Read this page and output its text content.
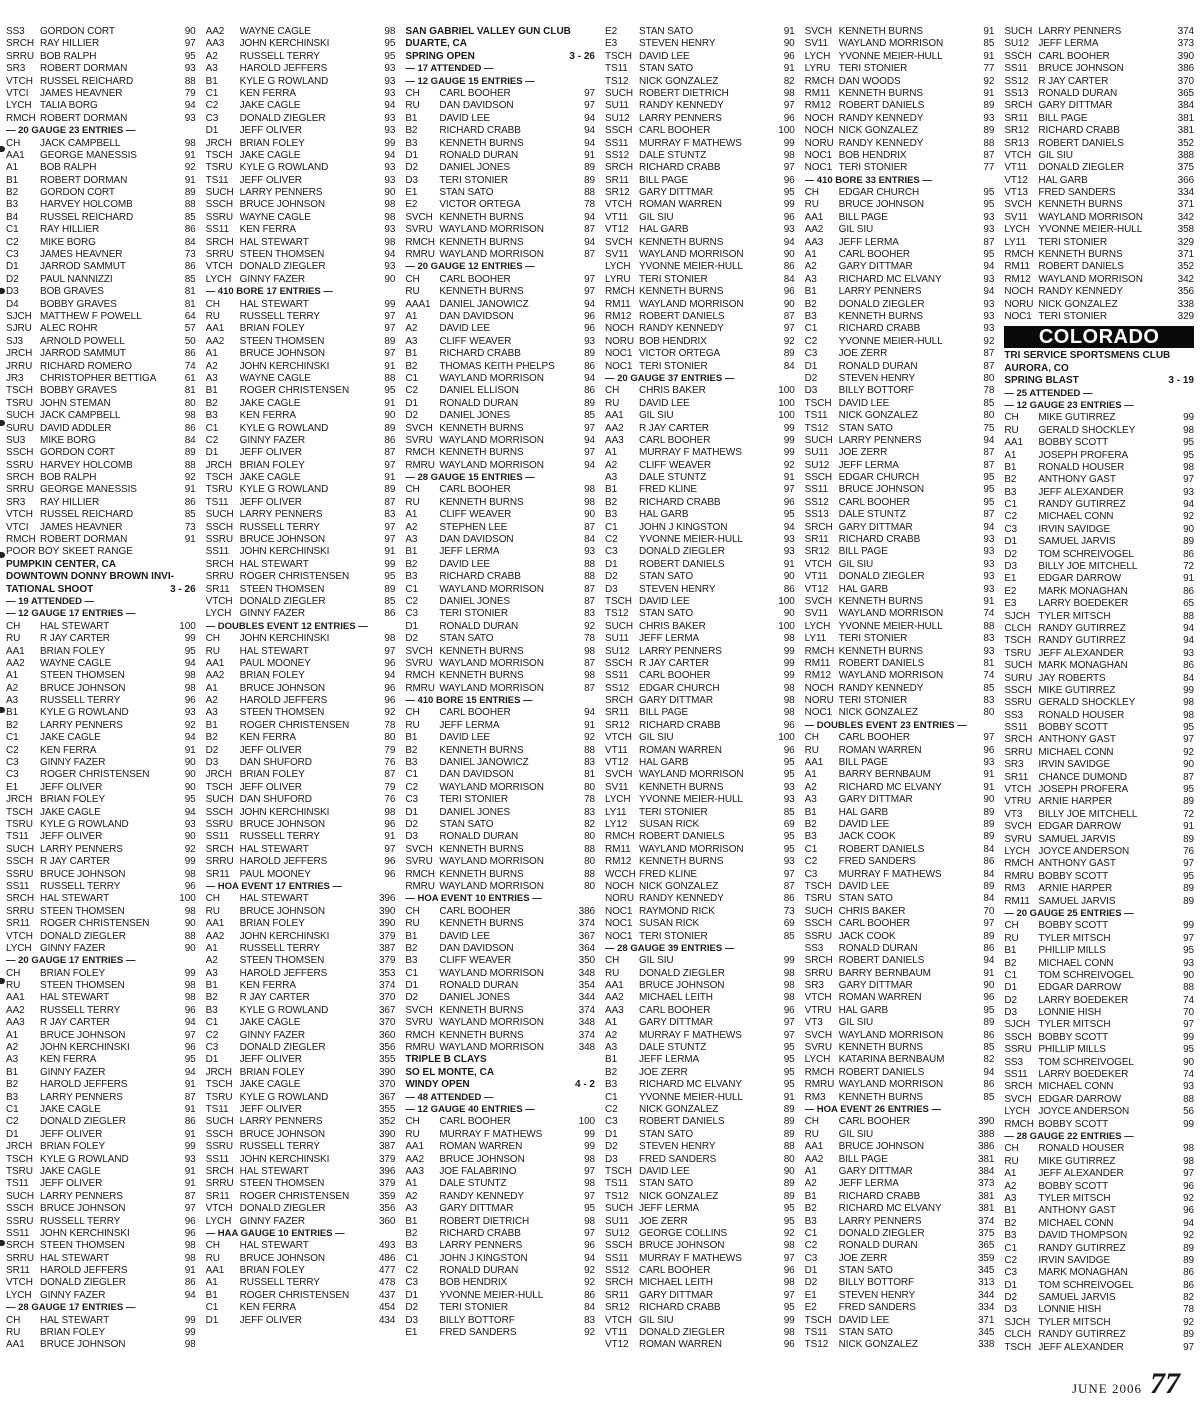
SS3	GORDON CORT	90
SRCH RAY HILLIER	97
SRRU BOB RALPH	95
SR3	ROBERT DORMAN	93
VTCH RUSSEL REICHARD	88
VTCI	JAMES HEAVNER	79
LYCH TALIA BORG	94
RMCH ROBERT DORMAN	93
— 20 GAUGE 23 ENTRIES —
CH	JACK CAMPBELL	98
AA1	GEORGE MANESSIS	91
A1	BOB RALPH	92
B1	ROBERT DORMAN	91
B2	GORDON CORT	89
B3	HARVEY HOLCOMB	88
B4	RUSSEL REICHARD	85
C1	RAY HILLIER	86
C2	MIKE BORG	84
C3	JAMES HEAVNER	73
D1	JARROD SAMMUT	86
D2	PAUL NANNIZZI	85
D3	BOB GRAVES	81
D4	BOBBY GRAVES	81
SJCH MATTHEW F POWELL	64
SJRU ALEC ROHR	57
SJ3	ARNOLD POWELL	50
JRCH JARROD SAMMUT	86
JRRU RICHARD ROMERO	74
JR3	CHRISTOPHER BETTIGA	61
TSCH BOBBY GRAVES	81
TSRU JOHN STEMAN	80
SUCH JACK CAMPBELL	98
SURU DAVID ADDLER	86
SU3	MIKE BORG	84
SSCH GORDON CORT	89
SSRU HARVEY HOLCOMB	88
SRCH BOB RALPH	92
SRRU GEORGE MANESSIS	91
SR3	RAY HILLIER	86
VTCH RUSSEL REICHARD	85
VTCI	JAMES HEAVNER	73
RMCH ROBERT DORMAN	91
POOR BOY SKEET RANGE
PUMPKIN CENTER, CA
DOWNTOWN DONNY BROWN INVI-
TATIONAL SHOOT	3 - 26
— 19 ATTENDED —
— 12 GAUGE 17 ENTRIES —
CH	HAL STEWART	100
RU	R JAY CARTER	99
AA1	BRIAN FOLEY	95
AA2	WAYNE CAGLE	94
A1	STEEN THOMSEN	98
A2	BRUCE JOHNSON	98
A3	RUSSELL TERRY	96
B1	KYLE G ROWLAND	93
B2	LARRY PENNERS	92
C1	JAKE CAGLE	94
C2	KEN FERRA	91
C3	GINNY FAZER	90
C3	ROGER CHRISTENSEN	90
E1	JEFF OLIVER	90
JRCH BRIAN FOLEY	95
TSCH JAKE CAGLE	94
TSRU KYLE G ROWLAND	93
TS11	JEFF OLIVER	90
SUCH LARRY PENNERS	92
SSCH R JAY CARTER	99
SSRU BRUCE JOHNSON	98
SS11	RUSSELL TERRY	96
SRCH HAL STEWART	100
SRRU STEEN THOMSEN	98
SR11	ROGER CHRISTENSEN	90
VTCH DONALD ZIEGLER	88
LYCH GINNY FAZER	90
— 20 GAUGE 17 ENTRIES —
CH	BRIAN FOLEY	99
RU	STEEN THOMSEN	98
AA1	HAL STEWART	98
AA2	RUSSELL TERRY	96
AA3	R JAY CARTER	94
A1	BRUCE JOHNSON	97
A2	JOHN KERCHINSKI	96
A3	KEN FERRA	95
B1	GINNY FAZER	94
B2	HAROLD JEFFERS	91
B3	LARRY PENNERS	87
C1	JAKE CAGLE	91
C2	DONALD ZIEGLER	86
D1	JEFF OLIVER	91
JRCH BRIAN FOLEY	99
TSCH KYLE G ROWLAND	93
TSRU JAKE CAGLE	91
TS11	JEFF OLIVER	91
SUCH LARRY PENNERS	87
SSCH BRUCE JOHNSON	97
SSRU RUSSELL TERRY	96
SS11	JOHN KERCHINSKI	96
SRCH STEEN THOMSEN	98
SRRU HAL STEWART	98
SR11	HAROLD JEFFERS	91
VTCH DONALD ZIEGLER	86
LYCH GINNY FAZER	94
— 28 GAUGE 17 ENTRIES —
CH	HAL STEWART	99
RU	BRIAN FOLEY	99
AA1	BRUCE JOHNSON	98
AA2	WAYNE CAGLE	98
AA3	JOHN KERCHINSKI	95
A2	RUSSELL TERRY	95
A3	HAROLD JEFFERS	93
B1	KYLE G ROWLAND	93
C1	KEN FERRA	93
C2	JAKE CAGLE	94
C3	DONALD ZIEGLER	93
D1	JEFF OLIVER	93
JRCH BRIAN FOLEY	99
TSCH JAKE CAGLE	94
TSRU KYLE G ROWLAND	93
TS11	JEFF OLIVER	93
SUCH LARRY PENNERS	90
SSCH BRUCE JOHNSON	98
SSRU WAYNE CAGLE	98
SS11	KEN FERRA	93
SRCH HAL STEWART	98
SRRU STEEN THOMSEN	94
VTCH DONALD ZIEGLER	93
LYCH GINNY FAZER	90
— 410 BORE 17 ENTRIES —
CH	HAL STEWART	99
RU	RUSSELL TERRY	97
AA1	BRIAN FOLEY	97
AA2	STEEN THOMSEN	89
A1	BRUCE JOHNSON	97
A2	JOHN KERCHINSKI	91
A3	WAYNE CAGLE	88
B1	ROGER CHRISTENSEN	95
B2	JAKE CAGLE	91
B3	KEN FERRA	90
C1	KYLE G ROWLAND	89
C2	GINNY FAZER	86
D1	JEFF OLIVER	87
JRCH BRIAN FOLEY	97
TSCH JAKE CAGLE	91
TSRU KYLE G ROWLAND	89
TS11	JEFF OLIVER	87
SUCH LARRY PENNERS	83
SSCH RUSSELL TERRY	97
SSRU BRUCE JOHNSON	97
SS11	JOHN KERCHINSKI	91
SRCH HAL STEWART	99
SRRU ROGER CHRISTENSEN	95
SR11	STEEN THOMSEN	89
VTCH DONALD ZIEGLER	85
LYCH GINNY FAZER	86
— DOUBLES EVENT 12 ENTRIES —
CH	JOHN KERCHINSKI	98
RU	HAL STEWART	97
AA1	PAUL MOONEY	96
AA2	BRIAN FOLEY	94
A1	BRUCE JOHNSON	96
A2	HAROLD JEFFERS	96
A3	STEEN THOMSEN	92
B1	ROGER CHRISTENSEN	78
B2	KEN FERRA	80
D2	JEFF OLIVER	79
D3	DAN SHUFORD	76
JRCH BRIAN FOLEY	87
TSCH JEFF OLIVER	79
SUCH DAN SHUFORD	76
SSCH JOHN KERCHINSKI	98
SSRU BRUCE JOHNSON	96
SS11	RUSSELL TERRY	91
SRCH HAL STEWART	97
SRRU HAROLD JEFFERS	96
SR11	PAUL MOONEY	96
— HOA EVENT 17 ENTRIES —
CH	HAL STEWART	396
RU	BRUCE JOHNSON	390
AA1	BRIAN FOLEY	390
AA2	JOHN KERCHINSKI	379
A1	RUSSELL TERRY	387
A2	STEEN THOMSEN	379
A3	HAROLD JEFFERS	353
B1	KEN FERRA	374
B2	R JAY CARTER	370
B3	KYLE G ROWLAND	367
C1	JAKE CAGLE	370
C2	GINNY FAZER	360
C3	DONALD ZIEGLER	356
D1	JEFF OLIVER	355
JRCH BRIAN FOLEY	390
TSCH JAKE CAGLE	370
TSRU KYLE G ROWLAND	367
TS11	JEFF OLIVER	355
SUCH LARRY PENNERS	352
SSCH BRUCE JOHNSON	390
SSRU RUSSELL TERRY	387
SS11	JOHN KERCHINSKI	379
SRCH HAL STEWART	396
SRRU STEEN THOMSEN	379
SR11	ROGER CHRISTENSEN	359
VTCH DONALD ZIEGLER	356
LYCH GINNY FAZER	360
— HAA GAUGE 10 ENTRIES —
CH	HAL STEWART	493
RU	BRUCE JOHNSON	486
AA1	BRIAN FOLEY	477
A1	RUSSELL TERRY	478
B1	ROGER CHRISTENSEN	437
C1	KEN FERRA	454
D1	JEFF OLIVER	434
SAN GABRIEL VALLEY GUN CLUB
DUARTE, CA
SPRING OPEN	3 - 26
— 17 ATTENDED —
— 12 GAUGE 15 ENTRIES —
CH	CARL BOOHER	97
RU	DAN DAVIDSON	97
B1	DAVID LEE	94
B2	RICHARD CRABB	94
B3	KENNETH BURNS	94
D1	RONALD DURAN	91
D2	DANIEL JONES	89
D3	TERI STONIER	89
E1	STAN SATO	88
E2	VICTOR ORTEGA	78
SVCH KENNETH BURNS	94
SVRU WAYLAND MORRISON	87
RMCH KENNETH BURNS	94
RMRU WAYLAND MORRISON	87
— 20 GAUGE 12 ENTRIES —
CH	CARL BOOHER	97
RU	KENNETH BURNS	97
AAA1 DANIEL JANOWICZ	94
A1	DAN DAVIDSON	96
A2	DAVID LEE	96
A3	CLIFF WEAVER	93
B1	RICHARD CRABB	89
B2	THOMAS KEITH PHELPS	86
C1	WAYLAND MORRISON	94
C2	DANIEL ELLISON	86
D1	RONALD DURAN	89
D2	DANIEL JONES	85
SVCH KENNETH BURNS	97
SVRU WAYLAND MORRISON	94
RMCH KENNETH BURNS	97
RMRU WAYLAND MORRISON	94
— 28 GAUGE 15 ENTRIES —
CH	CARL BOOHER	98
RU	KENNETH BURNS	98
A1	CLIFF WEAVER	90
A2	STEPHEN LEE	87
A3	DAN DAVIDSON	84
B1	JEFF LERMA	93
B2	DAVID LEE	88
B3	RICHARD CRABB	88
C1	WAYLAND MORRISON	87
C2	DANIEL JONES	87
C3	TERI STONIER	83
D1	RONALD DURAN	92
D2	STAN SATO	78
SVCH KENNETH BURNS	98
SVRU WAYLAND MORRISON	87
RMCH KENNETH BURNS	98
RMRU WAYLAND MORRISON	87
— 410 BORE 15 ENTRIES —
CH	CARL BOOHER	94
RU	JEFF LERMA	91
B1	DAVID LEE	92
B2	KENNETH BURNS	88
B3	DANIEL JANOWICZ	83
C1	DAN DAVIDSON	81
C2	WAYLAND MORRISON	80
C3	TERI STONIER	78
D1	DANIEL JONES	83
D2	STAN SATO	82
D3	RONALD DURAN	80
SVCH KENNETH BURNS	88
SVRU WAYLAND MORRISON	80
RMCH KENNETH BURNS	88
RMRU WAYLAND MORRISON	80
— HOA EVENT 10 ENTRIES —
CH	CARL BOOHER	386
RU	KENNETH BURNS	374
B1	DAVID LEE	367
B2	DAN DAVIDSON	364
B3	CLIFF WEAVER	350
C1	WAYLAND MORRISON	348
D1	RONALD DURAN	354
D2	DANIEL JONES	344
SVCH KENNETH BURNS	374
SVRU WAYLAND MORRISON	348
RMCH KENNETH BURNS	374
RMRU WAYLAND MORRISON	348
TRIPLE B CLAYS
SO EL MONTE, CA
WINDY OPEN	4 - 2
— 48 ATTENDED —
— 12 GAUGE 40 ENTRIES —
CH	CARL BOOHER	100
RU	MURRAY F MATHEWS	99
AA1	ROMAN WARREN	99
AA2	BRUCE JOHNSON	98
AA3	JOE FALABRINO	97
A1	DALE STUNTZ	98
A2	RANDY KENNEDY	97
A3	GARY DITTMAR	95
B1	ROBERT DIETRICH	98
B2	RICHARD CRABB	97
B3	LARRY PENNERS	96
C1	JOHN J KINGSTON	94
C2	RONALD DURAN	92
C3	BOB HENDRIX	92
D1	YVONNE MEIER-HULL	86
D2	TERI STONIER	84
D3	BILLY BOTTORF	83
E1	FRED SANDERS	92
E2	STAN SATO	91
E3	STEVEN HENRY	90
TSCH DAVID LEE	96
TS11	STAN SATO	91
TS12	NICK GONZALEZ	82
SUCH ROBERT DIETRICH	98
SU11	RANDY KENNEDY	97
SU12 LARRY PENNERS	96
SSCH CARL BOOHER	100
SS11	MURRAY F MATHEWS	99
SS12 DALE STUNTZ	98
SRCH RICHARD CRABB	97
SR11	BILL PAGE	96
SR12 GARY DITTMAR	95
VTCH ROMAN WARREN	99
VT11	GIL SIU	96
VT12	HAL GARB	93
SVCH KENNETH BURNS	94
SV11	WAYLAND MORRISON	90
LYCH YVONNE MEIER-HULL	86
LYRU TERI STONIER	84
RMCH KENNETH BURNS	96
RM11 WAYLAND MORRISON	90
RM12 ROBERT DANIELS	87
NOCH RANDY KENNEDY	97
NORU BOB HENDRIX	92
NOC1 VICTOR ORTEGA	89
NOC1 TERI STONIER	84
— 20 GAUGE 37 ENTRIES —
CH	CHRIS BAKER	100
RU	DAVID LEE	100
AA1	GIL SIU	100
AA2	R JAY CARTER	99
AA3	CARL BOOHER	99
A1	MURRAY F MATHEWS	99
A2	CLIFF WEAVER	92
A3	DALE STUNTZ	91
B1	FRED KLINE	97
B2	RICHARD CRABB	96
B3	HAL GARB	95
C1	JOHN J KINGSTON	94
C2	YVONNE MEIER-HULL	93
C3	DONALD ZIEGLER	93
D1	ROBERT DANIELS	91
D2	STAN SATO	90
D3	STEVEN HENRY	86
TSCH DAVID LEE	100
TS12	STAN SATO	90
SUCH CHRIS BAKER	100
SU11	JEFF LERMA	98
SU12 LARRY PENNERS	99
SSCH R JAY CARTER	99
SS11	CARL BOOHER	99
SS12 EDGAR CHURCH	98
SRCH GARY DITTMAR	98
SR11	BILL PAGE	98
SR12 RICHARD CRABB	96
VTCH GIL SIU	100
VT11	ROMAN WARREN	96
VT12	HAL GARB	95
SVCH WAYLAND MORRISON	95
SV11	KENNETH BURNS	93
LYCH YVONNE MEIER-HULL	93
LY11	TERI STONIER	85
LY12	SUSAN RICK	69
RMCH ROBERT DANIELS	95
RM11 WAYLAND MORRISON	95
RM12 KENNETH BURNS	93
WCCH FRED KLINE	97
NOCH NICK GONZALEZ	87
NORU RANDY KENNEDY	86
NOC1 RAYMOND RICK	73
NOC1 SUSAN RICK	69
NOC1 TERI STONIER	85
— 28 GAUGE 39 ENTRIES —
CH	GIL SIU	99
RU	DONALD ZIEGLER	98
AA1	BRUCE JOHNSON	98
AA2	MICHAEL LEITH	98
AA3	CARL BOOHER	96
A1	GARY DITTMAR	97
A2	MURRAY F MATHEWS	97
A3	DALE STUNTZ	95
B1	JEFF LERMA	95
B2	JOE ZERR	95
B3	RICHARD MC ELVANY	95
C1	YVONNE MEIER-HULL	91
C2	NICK GONZALEZ	89
C3	ROBERT DANIELS	89
D1	STAN SATO	89
D2	STEVEN HENRY	88
D3	FRED SANDERS	80
TSCH DAVID LEE	90
TS11	STAN SATO	89
TS12	NICK GONZALEZ	89
SUCH JEFF LERMA	95
SU11	JOE ZERR	95
SU12 GEORGE COLLINS	92
SSCH BRUCE JOHNSON	98
SS11	MURRAY F MATHEWS	97
SS12 CARL BOOHER	96
SRCH MICHAEL LEITH	98
SR11	GARY DITTMAR	97
SR12 RICHARD CRABB	95
VTCH GIL SIU	99
VT11	DONALD ZIEGLER	98
VT12	ROMAN WARREN	96
SVCH KENNETH BURNS	91
SV11	WAYLAND MORRISON	85
LYCH YVONNE MEIER-HULL	91
LYRU TERI STONIER	77
RMCH DAN WOODS	92
RM11 KENNETH BURNS	91
RM12 ROBERT DANIELS	89
NOCH RANDY KENNEDY	93
NOCH NICK GONZALEZ	89
NORU RANDY KENNEDY	88
NOC1 BOB HENDRIX	87
NOC1 TERI STONIER	77
— 410 BORE 33 ENTRIES —
CH	EDGAR CHURCH	95
RU	BRUCE JOHNSON	95
AA1	BILL PAGE	93
AA2	GIL SIU	93
AA3	JEFF LERMA	87
A1	CARL BOOHER	95
A2	GARY DITTMAR	94
A3	RICHARD MC ELVANY	93
B1	LARRY PENNERS	94
B2	DONALD ZIEGLER	93
B3	KENNETH BURNS	93
C1	RICHARD CRABB	93
C2	YVONNE MEIER-HULL	92
C3	JOE ZERR	87
D1	RONALD DURAN	87
D2	STEVEN HENRY	80
D3	BILLY BOTTORF	78
TSCH DAVID LEE	85
TS11	NICK GONZALEZ	80
TS12	STAN SATO	75
SUCH LARRY PENNERS	94
SU11	JOE ZERR	87
SU12 JEFF LERMA	87
SSCH EDGAR CHURCH	95
SS11	BRUCE JOHNSON	95
SS12 CARL BOOHER	95
SS13 DALE STUNTZ	87
SRCH GARY DITTMAR	94
SR11	RICHARD CRABB	93
SR12 BILL PAGE	93
VTCH GIL SIU	93
VT11	DONALD ZIEGLER	93
VT12	HAL GARB	93
SVCH KENNETH BURNS	91
SV11	WAYLAND MORRISON	74
LYCH YVONNE MEIER-HULL	88
LY11	TERI STONIER	83
RMCH KENNETH BURNS	93
RM11 ROBERT DANIELS	81
RM12 WAYLAND MORRISON	74
NOCH RANDY KENNEDY	85
NORU TERI STONIER	83
NOC1 NICK GONZALEZ	80
— DOUBLES EVENT 23 ENTRIES —
CH	CARL BOOHER	97
RU	ROMAN WARREN	96
AA1	BILL PAGE	93
A1	BARRY BERNBAUM	91
A2	RICHARD MC ELVANY	91
A3	GARY DITTMAR	90
B1	HAL GARB	89
B2	DAVID LEE	89
B3	JACK COOK	89
C1	ROBERT DANIELS	84
C2	FRED SANDERS	86
C3	MURRAY F MATHEWS	84
TSCH DAVID LEE	89
TSRU STAN SATO	84
SUCH CHRIS BAKER	70
SSCH CARL BOOHER	97
SSRU JACK COOK	89
SS3	RONALD DURAN	86
SRCH ROBERT DANIELS	94
SRRU BARRY BERNBAUM	91
SR3	GARY DITTMAR	90
VTCH ROMAN WARREN	96
VTRU HAL GARB	95
VT3	GIL SIU	89
SVCH WAYLAND MORRISON	86
SVRU KENNETH BURNS	85
LYCH KATARINA BERNBAUM	82
RMCH ROBERT DANIELS	94
RMRU WAYLAND MORRISON	86
RM3	KENNETH BURNS	85
— HOA EVENT 26 ENTRIES —
CH	CARL BOOHER	390
RU	GIL SIU	388
AA1	BRUCE JOHNSON	386
AA2	BILL PAGE	381
A1	GARY DITTMAR	384
A2	JEFF LERMA	373
B1	RICHARD CRABB	381
B2	RICHARD MC ELVANY	381
B3	LARRY PENNERS	374
C1	DONALD ZIEGLER	375
C2	RONALD DURAN	365
C3	JOE ZERR	359
D1	STAN SATO	345
D2	BILLY BOTTORF	313
E1	STEVEN HENRY	344
E2	FRED SANDERS	334
TSCH DAVID LEE	371
TS11	STAN SATO	345
TS12	NICK GONZALEZ	338
SUCH LARRY PENNERS	374
SU12 JEFF LERMA	373
SSCH CARL BOOHER	390
SS11	BRUCE JOHNSON	386
SS12 R JAY CARTER	370
SS13 RONALD DURAN	365
SRCH GARY DITTMAR	384
SR11	BILL PAGE	381
SR12 RICHARD CRABB	381
SR13 ROBERT DANIELS	352
VTCH GIL SIU	388
VT11	DONALD ZIEGLER	375
VT12	HAL GARB	366
VT13	FRED SANDERS	334
SVCH KENNETH BURNS	371
SV11	WAYLAND MORRISON	342
LYCH YVONNE MEIER-HULL	358
LY11	TERI STONIER	329
RMCH KENNETH BURNS	371
RM11 ROBERT DANIELS	352
RM12 WAYLAND MORRISON	342
NOCH RANDY KENNEDY	356
NORU NICK GONZALEZ	338
NOC1 TERI STONIER	329
COLORADO
TRI SERVICE SPORTSMENS CLUB
AURORA, CO
SPRING BLAST	3 - 19
— 25 ATTENDED —
— 12 GAUGE 23 ENTRIES —
CH	MIKE GUTIRREZ	99
RU	GERALD SHOCKLEY	98
AA1	BOBBY SCOTT	95
A1	JOSEPH PROFERA	95
B1	RONALD HOUSER	98
B2	ANTHONY GAST	97
B3	JEFF ALEXANDER	93
C1	RANDY GUTIRREZ	94
C2	MICHAEL CONN	92
C3	IRVIN SAVIDGE	90
D1	SAMUEL JARVIS	89
D2	TOM SCHREIVOGEL	86
D3	BILLY JOE MITCHELL	72
E1	EDGAR DARROW	91
E2	MARK MONAGHAN	86
E3	LARRY BOEDEKER	65
SJCH TYLER MITSCH	88
CLCH RANDY GUTIRREZ	94
TSCH RANDY GUTIRREZ	94
TSRU JEFF ALEXANDER	93
SUCH MARK MONAGHAN	86
SURU JAY ROBERTS	84
SSCH MIKE GUTIRREZ	99
SSRU GERALD SHOCKLEY	98
SS3	RONALD HOUSER	98
SS11	BOBBY SCOTT	95
SRCH ANTHONY GAST	97
SRRU MICHAEL CONN	92
SR3	IRVIN SAVIDGE	90
SR11	CHANCE DUMOND	87
VTCH JOSEPH PROFERA	95
VTRU ARNIE HARPER	89
VT3	BILLY JOE MITCHELL	72
SVCH EDGAR DARROW	91
SVRU SAMUEL JARVIS	89
LYCH JOYCE ANDERSON	76
RMCH ANTHONY GAST	97
RMRU BOBBY SCOTT	95
RM3	ARNIE HARPER	89
RM11 SAMUEL JARVIS	89
— 20 GAUGE 25 ENTRIES —
CH	BOBBY SCOTT	99
RU	TYLER MITSCH	97
B1	PHILLIP MILLS	95
B2	MICHAEL CONN	93
C1	TOM SCHREIVOGEL	90
D1	EDGAR DARROW	88
D2	LARRY BOEDEKER	74
D3	LONNIE HISH	70
SJCH TYLER MITSCH	97
SSCH BOBBY SCOTT	99
SSRU PHILLIP MILLS	95
SS3	TOM SCHREIVOGEL	90
SS11	LARRY BOEDEKER	74
SRCH MICHAEL CONN	93
SVCH EDGAR DARROW	88
LYCH JOYCE ANDERSON	56
RMCH BOBBY SCOTT	99
— 28 GAUGE 22 ENTRIES —
CH	RONALD HOUSER	98
RU	MIKE GUTIRREZ	98
A1	JEFF ALEXANDER	97
A2	BOBBY SCOTT	96
A3	TYLER MITSCH	92
B1	ANTHONY GAST	96
B2	MICHAEL CONN	94
B3	DAVID THOMPSON	92
C1	RANDY GUTIRREZ	89
C2	IRVIN SAVIDGE	89
C3	MARK MONAGHAN	86
D1	TOM SCHREIVOGEL	86
D2	SAMUEL JARVIS	82
D3	LONNIE HISH	78
SJCH TYLER MITSCH	92
CLCH RANDY GUTIRREZ	89
TSCH JEFF ALEXANDER	97
JUNE 2006 77
